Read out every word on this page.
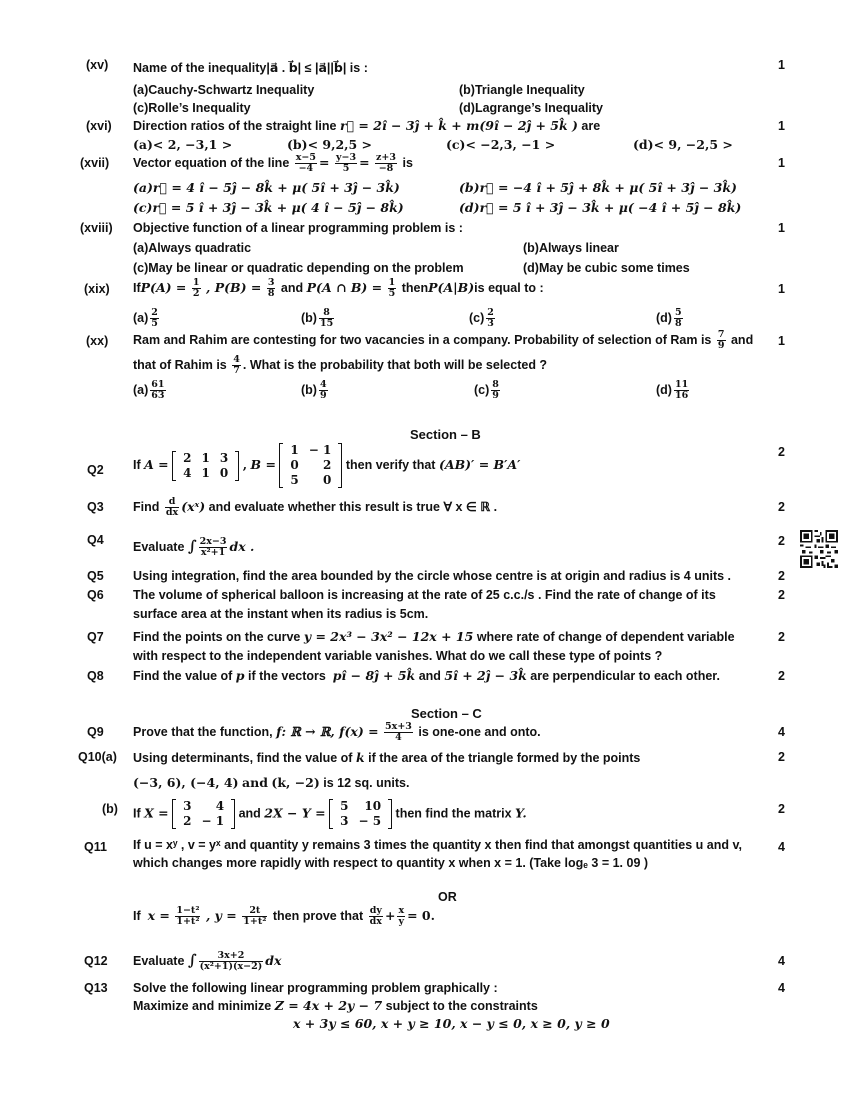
(xv) Name of the inequality|a⃗ . b⃗| ≤ |a⃗||b⃗| is :	1
(a)Cauchy-Schwartz Inequality	(b)Triangle Inequality
(c)Rolle’s Inequality	(d)Lagrange’s Inequality
(xvi) Direction ratios of the straight line r⃗ = 2î − 3ĵ + k̂ + m(9î − 2ĵ + 5k̂ ) are	1
(a)< 2, −3,1 >	(b)< 9,2,5 >	(c)< −2,3, −1 >	(d)< 9, −2,5 >
(xvii) Vector equation of the line $\frac{x-5}{-4} = \frac{y-3}{5} = \frac{z+3}{-8}$ is	1
(a)r⃗ = 4 î − 5ĵ − 8k̂ + μ( 5î + 3ĵ − 3k̂)	(b)r⃗ = −4 î + 5ĵ + 8k̂ + μ( 5î + 3ĵ − 3k̂)
(c)r⃗ = 5 î + 3ĵ − 3k̂ + μ( 4 î − 5ĵ − 8k̂)	(d)r⃗ = 5 î + 3ĵ − 3k̂ + μ( −4 î + 5ĵ − 8k̂)
(xviii) Objective function of a linear programming problem is :	1
(a)Always quadratic	(b)Always linear
(c)May be linear or quadratic depending on the problem	(d)May be cubic some times
(xix) $IfP(A) = \frac{1}{2}$ , $P(B) = \frac{3}{8}$ and P(A ∩ $B) = \frac{1}{5}$ thenP(A|B)is equal to :	1
$(a) \frac{2}{5}$	$(b) \frac{8}{15}$	$(c) \frac{2}{3}$	$(d) \frac{5}{8}$
(xx) Ram and Rahim are contesting for two vacancies in a company. Probability of selection of Ram is $\frac{7}{9}$ and
that of Rahim is $\frac{4}{7}$ . What is the probability that both will be selected ?
1
$(a) \frac{61}{63}$	$(b) \frac{4}{9}$	$(c) \frac{8}{9}$	$(d) \frac{11}{16}$
Section – B
Q2 If A = 2	1	3
4	1	0
, B =
1	− 1
0	2
5	0
then verify that (AB)′ = B′A′
2
Q3 Find $\frac{d}{dx}$ (xˣ) and evaluate whether this result is true ∀ x ∈ ℝ .	2
Q4 Evaluate ∫ $\frac{2x-3}{\text{x²+1}}$ dx .	2
Q5 Using integration, find the area bounded by the circle whose centre is at origin and radius is 4 units .	2
Q6 The volume of spherical balloon is increasing at the rate of 25 c.c./s . Find the rate of change of its
surface area at the instant when its radius is 5cm.
2
Q7 Find the points on the curve y = 2x³ − 3x² − 12x + 15 where rate of change of dependent variable
with respect to the independent variable vanishes. What do we call these type of points ?
2
Q8 Find the value of p if the vectors pî − 8ĵ + 5k̂ and 5î + 2ĵ − 3k̂ are perpendicular to each other.	2
Section – C
Q9 Prove that the function, f: ℝ → ℝ, $f(x) = \frac{5x+3}{4}$ is one-one and onto.	4
Q10(a) Using determinants, find the value of k if the area of the triangle formed by the points
(−3, 6), (−4, 4) and (k, −2) is 12 sq. units.
2
(b) If X = 3	4
2	− 1
and 2X − Y = 5	10
3	− 5
then find the matrix Y.	2
Q11 If u = xʸ , v = yˣ and quantity y remains 3 times the quantity x then find that amongst quantities u and v,
which changes more rapidly with respect to quantity x when x = 1. (Take logₑ 3 = 1. 09 )
4
OR
If $x = \frac{\text{1−t²}}{\text{1+t²}}$ , $y = \frac{2t}{\text{1+t²}}$ then prove that $\frac{dy}{dx} + \frac{x}{y} = 0$.
Q12 Evaluate ∫ $\frac{3x+2}{\text{(x²+1)(x−2)}}$ dx	4
Q13 Solve the following linear programming problem graphically :
Maximize and minimize Z = 4x + 2y − 7 subject to the constraints
x + 3y ≤ 60, x + y ≥ 10, x − y ≤ 0, x ≥ 0, y ≥ 0
4
